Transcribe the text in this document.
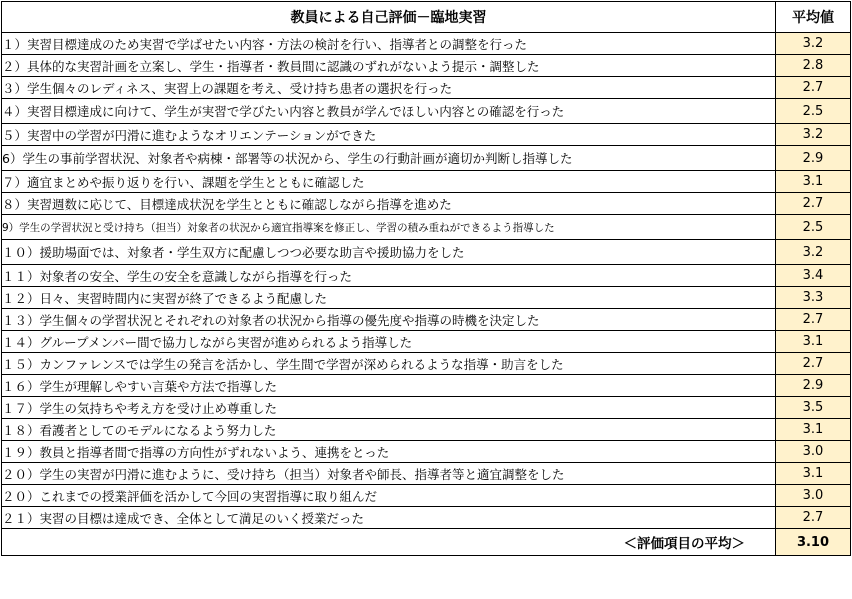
教員による自己評価－臨地実習	平均値
１）実習目標達成のため実習で学ばせたい内容・方法の検討を行い、指導者との調整を行った	3.2
２）具体的な実習計画を立案し、学生・指導者・教員間に認識のずれがないよう提示・調整した	2.8
３）学生個々のレディネス、実習上の課題を考え、受け持ち患者の選択を行った	2.7
４）実習目標達成に向けて、学生が実習で学びたい内容と教員が学んでほしい内容との確認を行った	2.5
５）実習中の学習が円滑に進むようなオリエンテーションができた	3.2
6）学生の事前学習状況、対象者や病棟・部署等の状況から、学生の行動計画が適切か判断し指導した	2.9
７）適宜まとめや振り返りを行い、課題を学生とともに確認した	3.1
８）実習週数に応じて、目標達成状況を学生とともに確認しながら指導を進めた	2.7
9）学生の学習状況と受け持ち（担当）対象者の状況から適宜指導案を修正し、学習の積み重ねができるよう指導した	2.5
１０）援助場面では、対象者・学生双方に配慮しつつ必要な助言や援助協力をした	3.2
１１）対象者の安全、学生の安全を意識しながら指導を行った	3.4
１２）日々、実習時間内に実習が終了できるよう配慮した	3.3
１３）学生個々の学習状況とそれぞれの対象者の状況から指導の優先度や指導の時機を決定した	2.7
１４）グループメンバー間で協力しながら実習が進められるよう指導した	3.1
１５）カンファレンスでは学生の発言を活かし、学生間で学習が深められるような指導・助言をした	2.7
１６）学生が理解しやすい言葉や方法で指導した	2.9
１７）学生の気持ちや考え方を受け止め尊重した	3.5
１８）看護者としてのモデルになるよう努力した	3.1
１９）教員と指導者間で指導の方向性がずれないよう、連携をとった	3.0
２０）学生の実習が円滑に進むように、受け持ち（担当）対象者や師長、指導者等と適宜調整をした	3.1
２０）これまでの授業評価を活かして今回の実習指導に取り組んだ	3.0
２１）実習の目標は達成でき、全体として満足のいく授業だった	2.7
＜評価項目の平均＞	3.10
